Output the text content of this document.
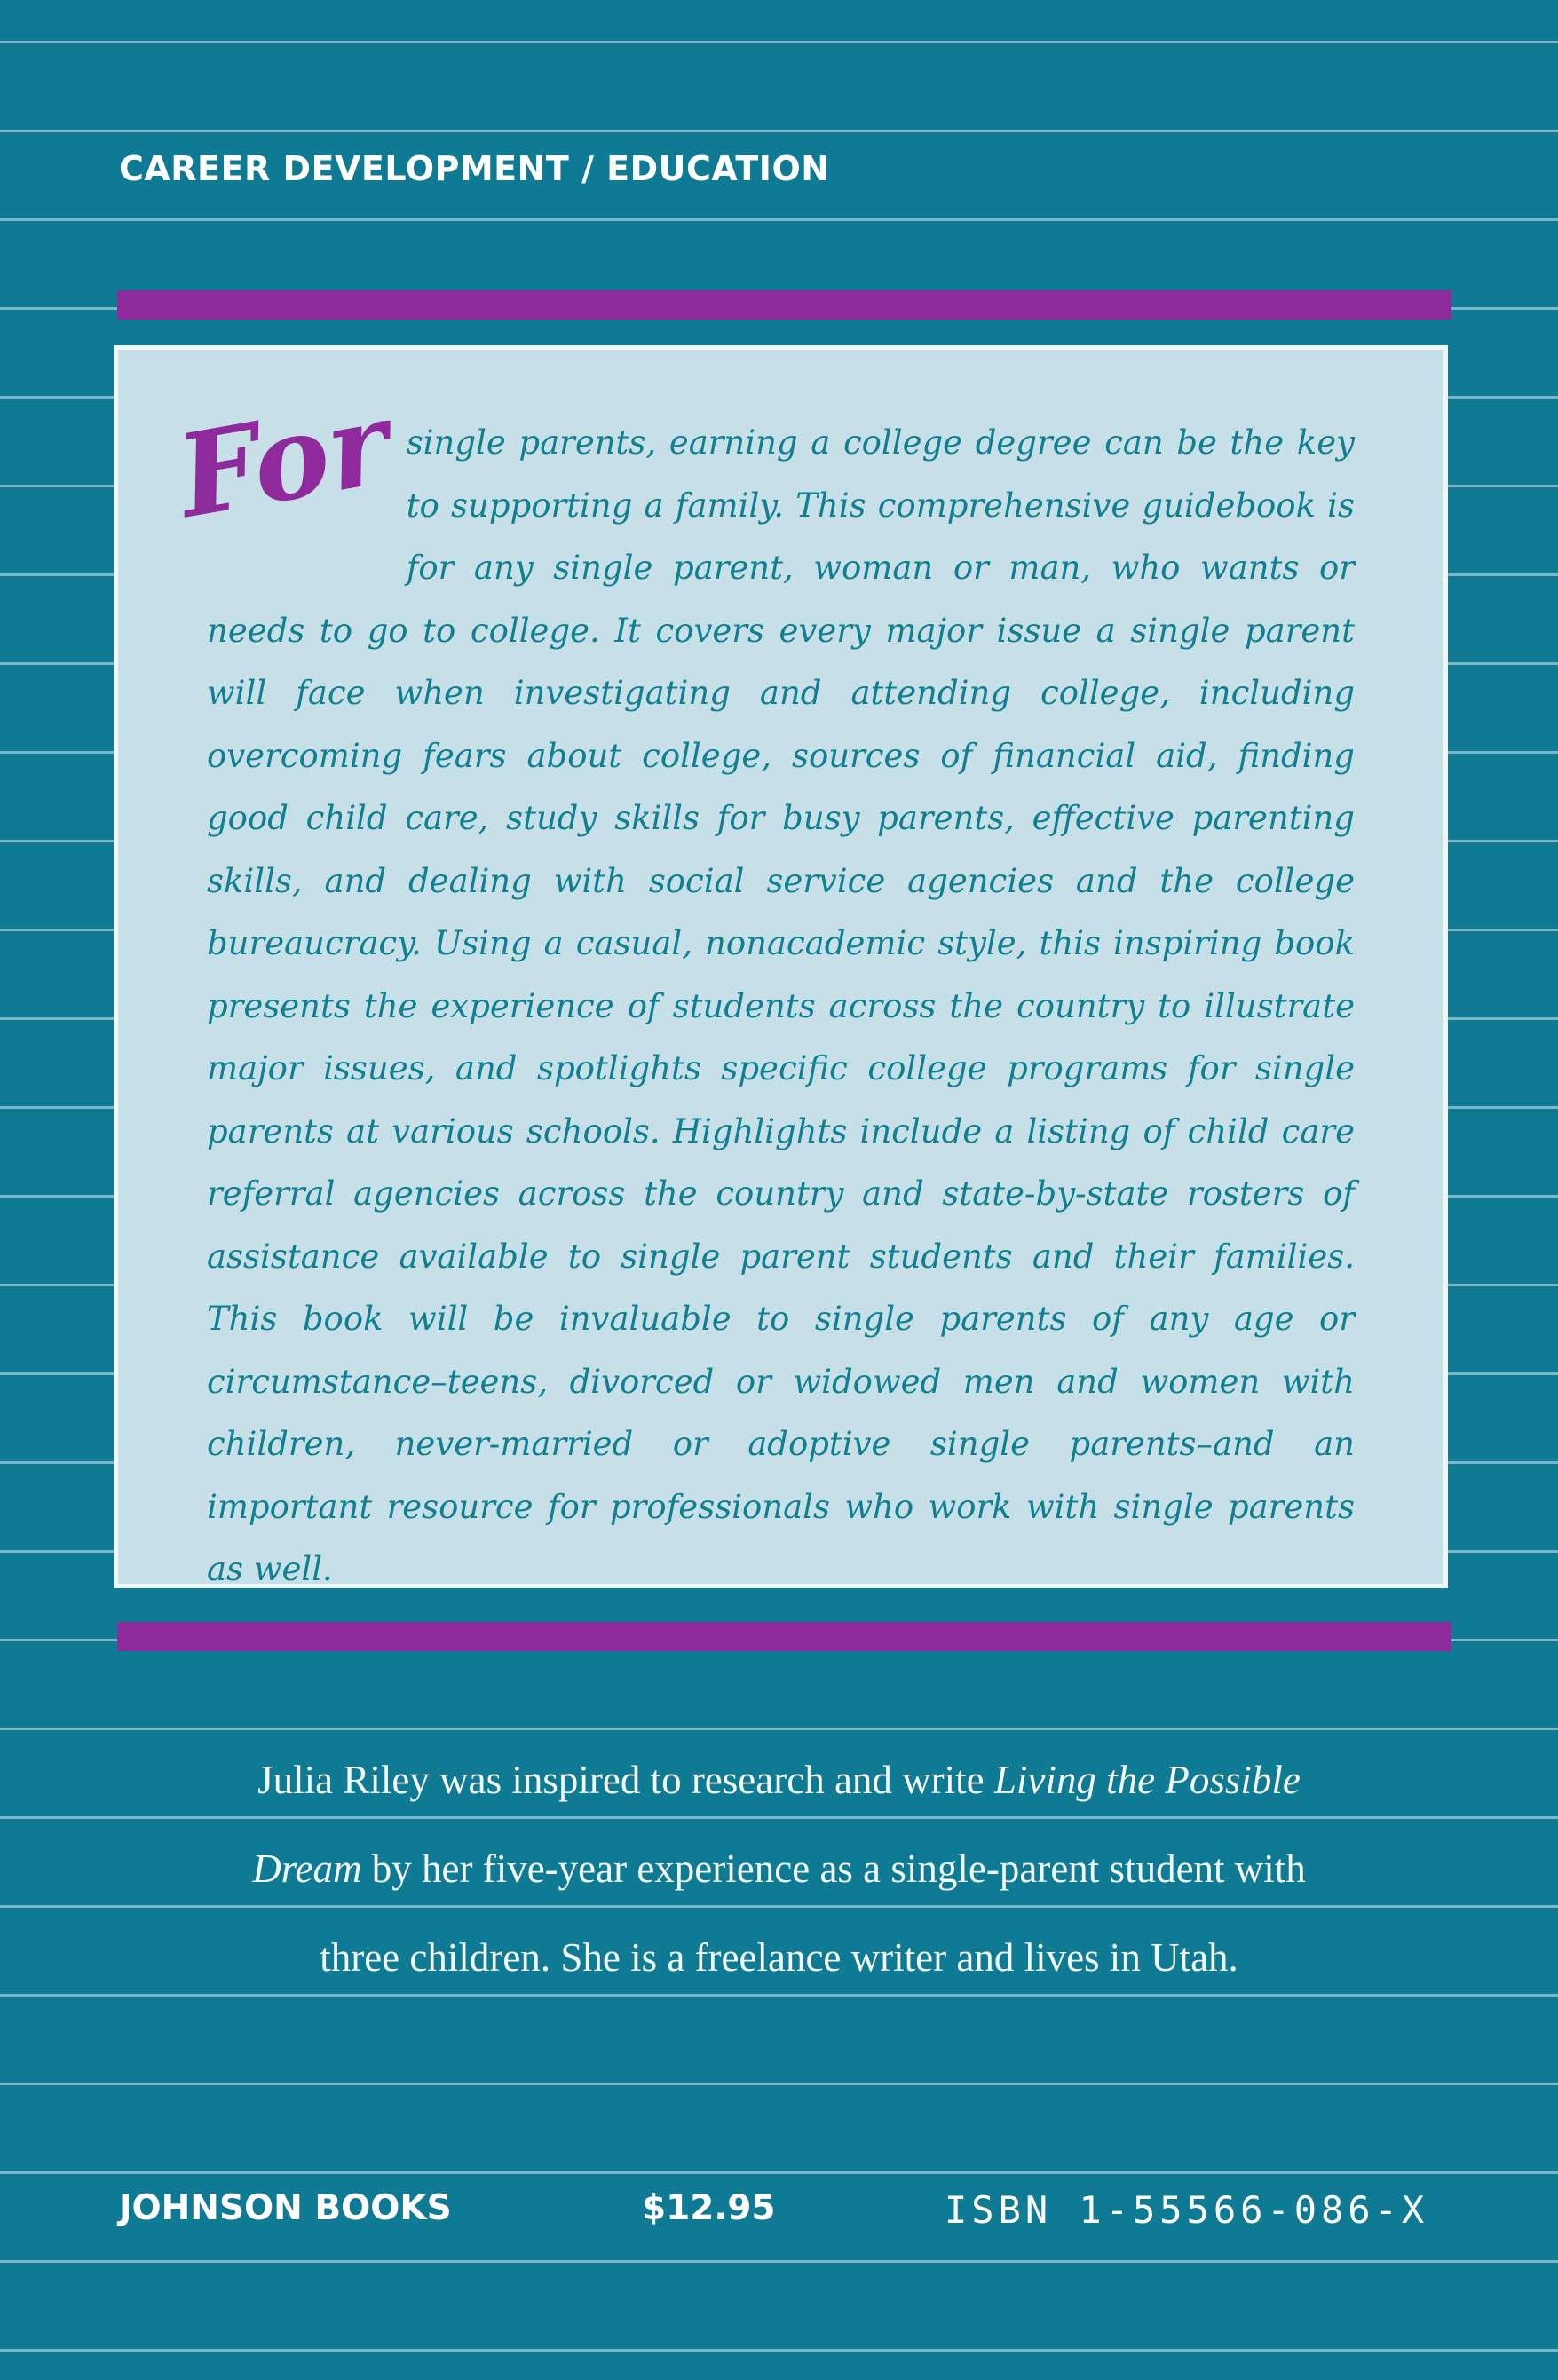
CAREER DEVELOPMENT / EDUCATION

For single parents, earning a college degree can be the key to supporting a family. This comprehensive guidebook is for any single parent, woman or man, who wants or needs to go to college. It covers every major issue a single parent will face when investigating and attending college, including overcoming fears about college, sources of financial aid, finding good child care, study skills for busy parents, effective parenting skills, and dealing with social service agencies and the college bureaucracy. Using a casual, nonacademic style, this inspiring book presents the experience of students across the country to illustrate major issues, and spotlights specific college programs for single parents at various schools. Highlights include a listing of child care referral agencies across the country and state-by-state rosters of assistance available to single parent students and their families. This book will be invaluable to single parents of any age or circumstance–teens, divorced or widowed men and women with children, never-married or adoptive single parents–and an important resource for professionals who work with single parents as well.

Julia Riley was inspired to research and write Living the Possible Dream by her five-year experience as a single-parent student with three children. She is a freelance writer and lives in Utah.

JOHNSON BOOKS	$12.95	ISBN 1-55566-086-X
